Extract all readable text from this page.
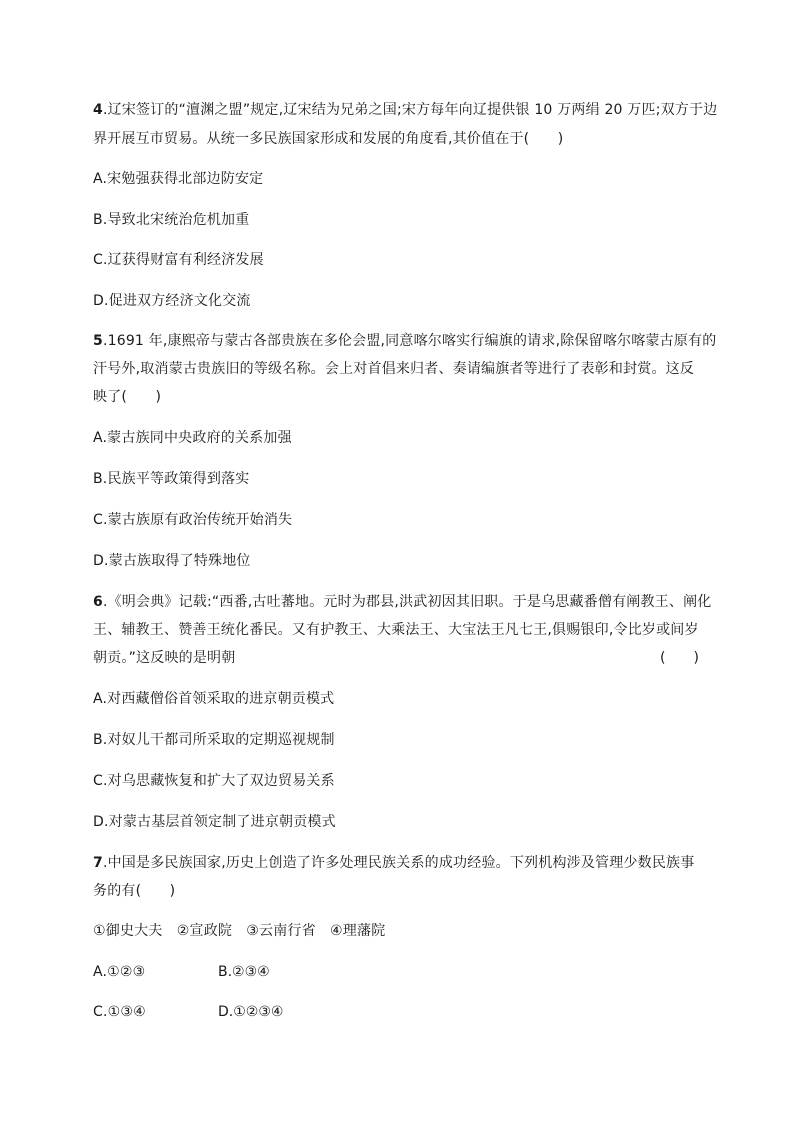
4.辽宋签订的“澶渊之盟”规定,辽宋结为兄弟之国;宋方每年向辽提供银 10 万两绢 20 万匹;双方于边
界开展互市贸易。从统一多民族国家形成和发展的角度看,其价值在于(　　)
A.宋勉强获得北部边防安定
B.导致北宋统治危机加重
C.辽获得财富有利经济发展
D.促进双方经济文化交流
5.1691 年,康熙帝与蒙古各部贵族在多伦会盟,同意喀尔喀实行编旗的请求,除保留喀尔喀蒙古原有的
汗号外,取消蒙古贵族旧的等级名称。会上对首倡来归者、奏请编旗者等进行了表彰和封赏。这反
映了(　　)
A.蒙古族同中央政府的关系加强
B.民族平等政策得到落实
C.蒙古族原有政治传统开始消失
D.蒙古族取得了特殊地位
6.《明会典》记载:“西番,古吐蕃地。元时为郡县,洪武初因其旧职。于是乌思藏番僧有阐教王、阐化
王、辅教王、赞善王统化番民。又有护教王、大乘法王、大宝法王凡七王,俱赐银印,令比岁或间岁
朝贡。”这反映的是明朝	(　　)
A.对西藏僧俗首领采取的进京朝贡模式
B.对奴儿干都司所采取的定期巡视规制
C.对乌思藏恢复和扩大了双边贸易关系
D.对蒙古基层首领定制了进京朝贡模式
7.中国是多民族国家,历史上创造了许多处理民族关系的成功经验。下列机构涉及管理少数民族事
务的有(　　)
①御史大夫　②宣政院　③云南行省　④理藩院
A.①②③	B.②③④
C.①③④	D.①②③④
